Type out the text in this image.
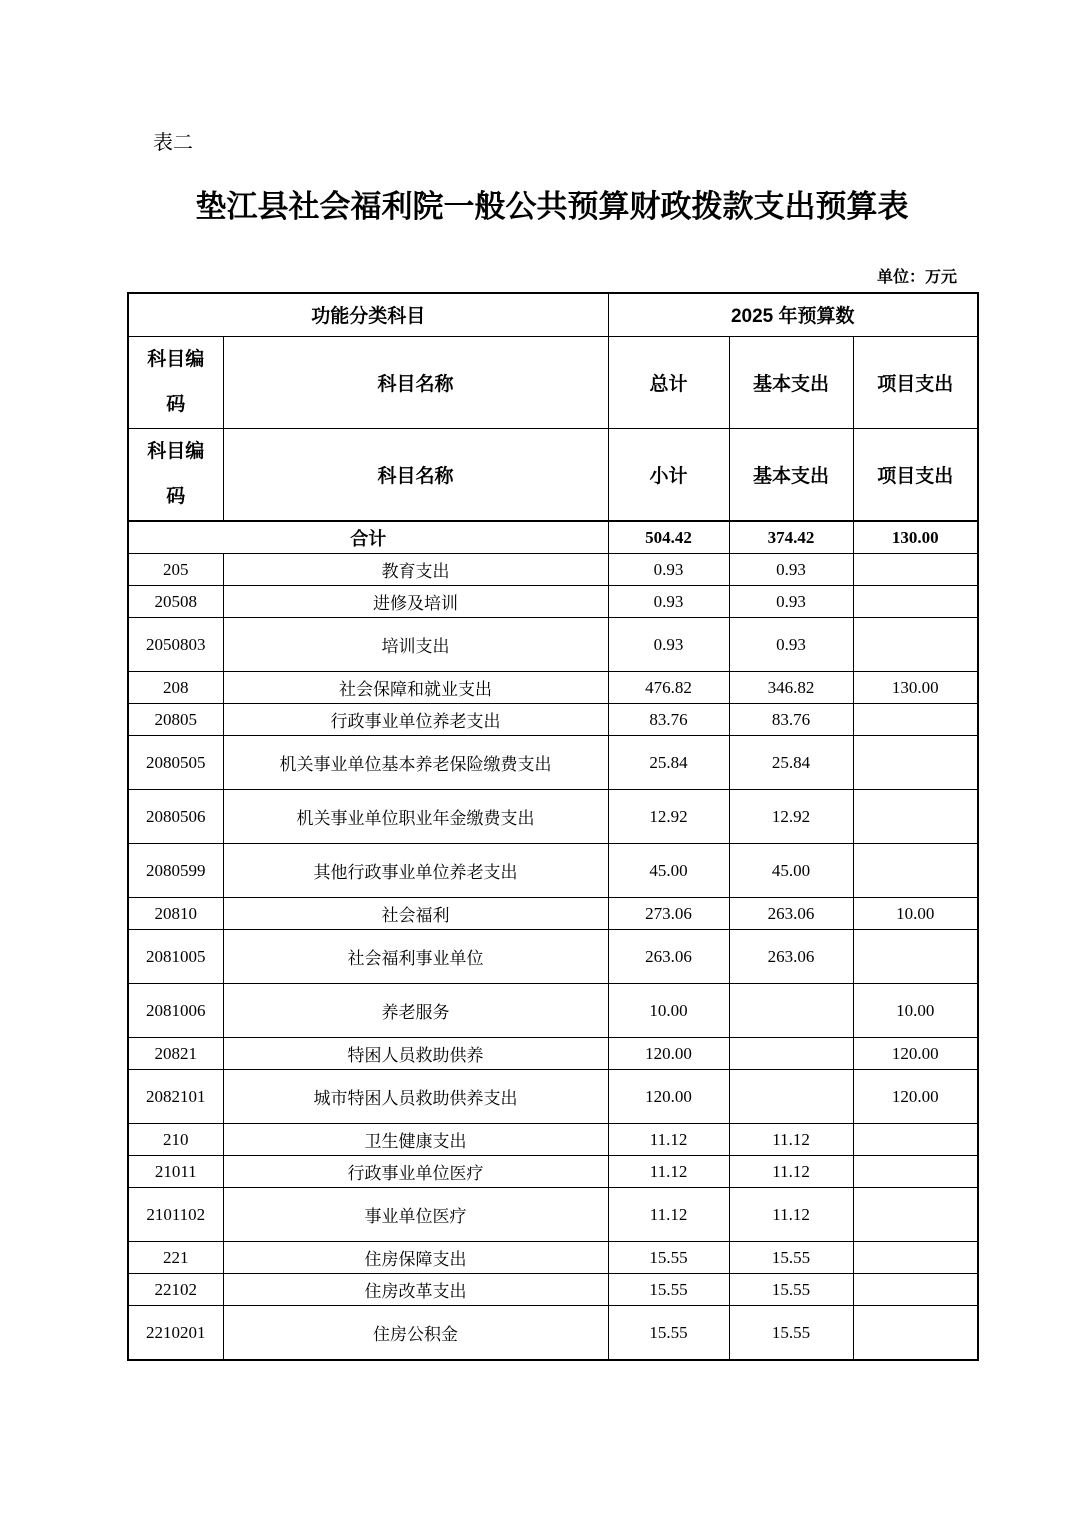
表二
垫江县社会福利院一般公共预算财政拨款支出预算表
单位：万元
功能分类科目		2025 年预算数		
科目编码	科目名称	总计	基本支出	项目支出
科目编码	科目名称	小计	基本支出	项目支出
合计		504.42	374.42	130.00
205	教育支出	0.93	0.93	
20508	进修及培训	0.93	0.93	
2050803	培训支出	0.93	0.93	
208	社会保障和就业支出	476.82	346.82	130.00
20805	行政事业单位养老支出	83.76	83.76	
2080505	机关事业单位基本养老保险缴费支出	25.84	25.84	
2080506	机关事业单位职业年金缴费支出	12.92	12.92	
2080599	其他行政事业单位养老支出	45.00	45.00	
20810	社会福利	273.06	263.06	10.00
2081005	社会福利事业单位	263.06	263.06	
2081006	养老服务	10.00		10.00
20821	特困人员救助供养	120.00		120.00
2082101	城市特困人员救助供养支出	120.00		120.00
210	卫生健康支出	11.12	11.12	
21011	行政事业单位医疗	11.12	11.12	
2101102	事业单位医疗	11.12	11.12	
221	住房保障支出	15.55	15.55	
22102	住房改革支出	15.55	15.55	
2210201	住房公积金	15.55	15.55	
